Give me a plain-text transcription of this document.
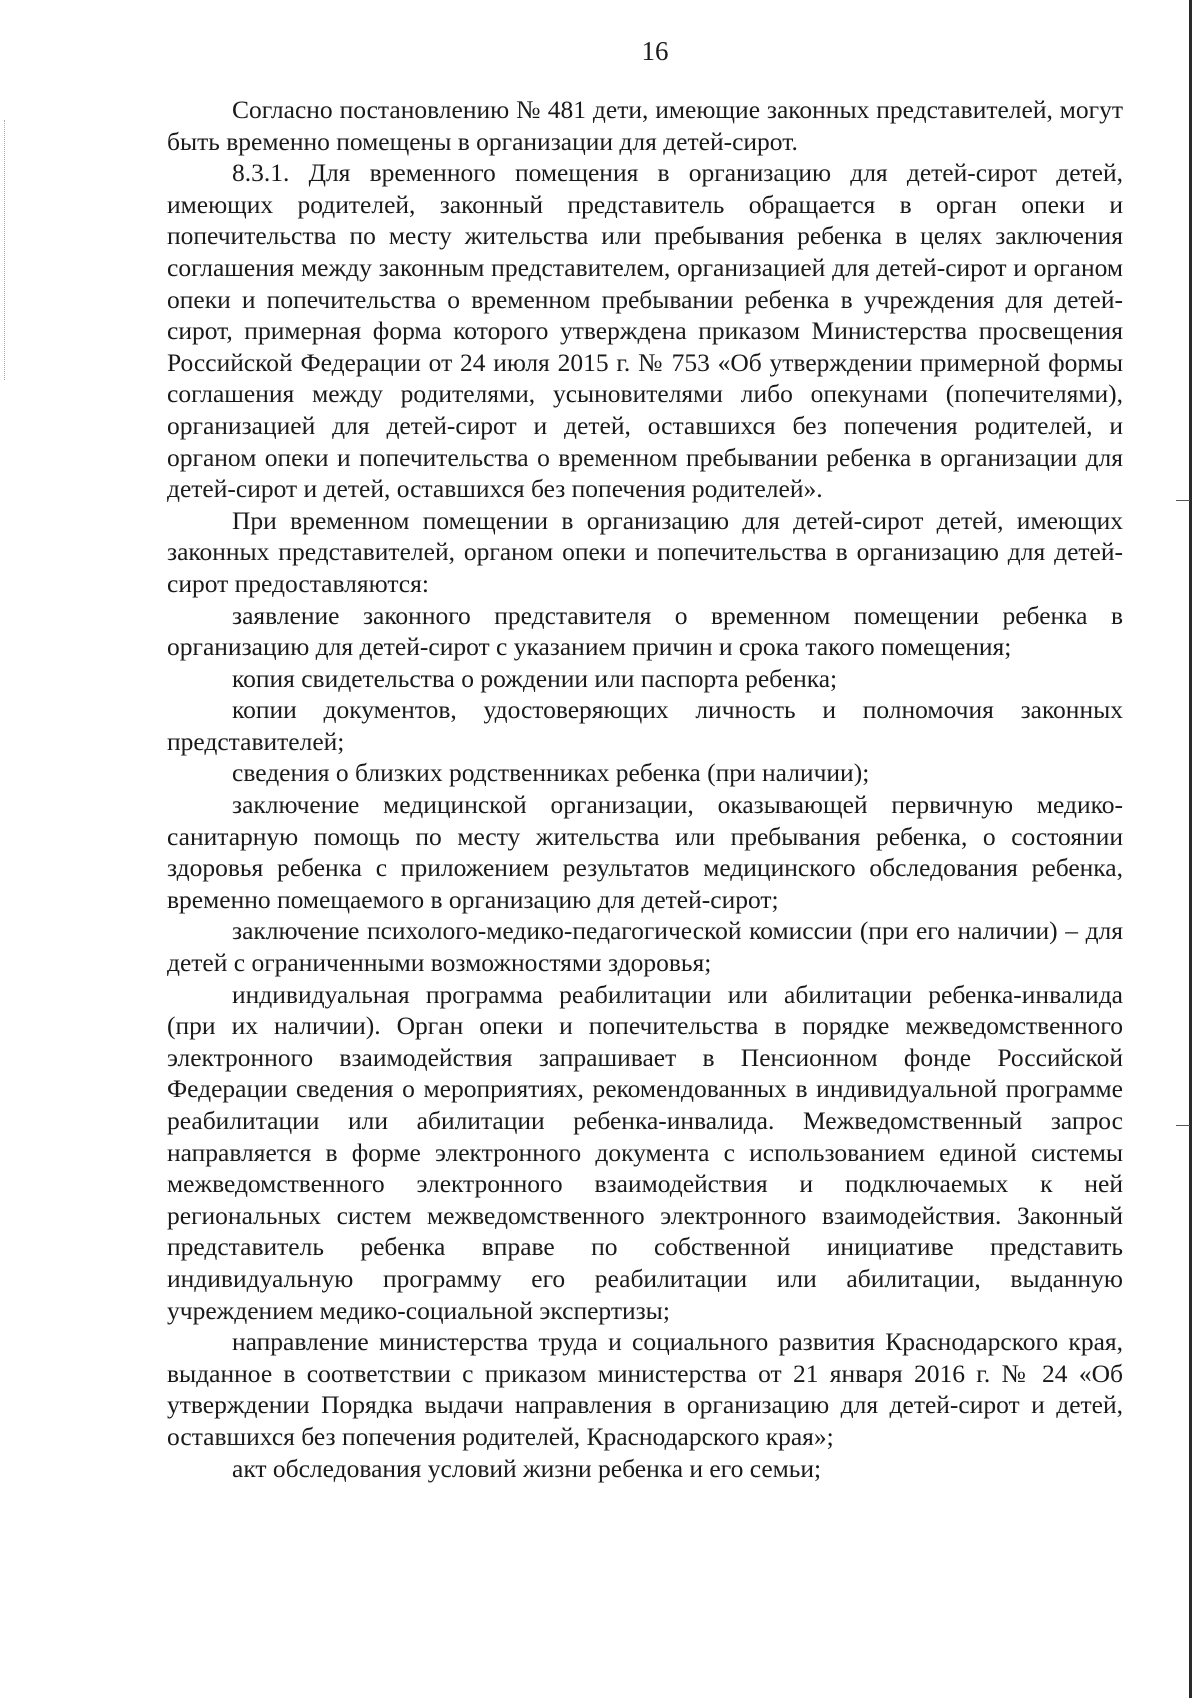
16

Согласно постановлению № 481 дети, имеющие законных представителей, могут быть временно помещены в организации для детей-сирот.

8.3.1. Для временного помещения в организацию для детей-сирот детей, имеющих родителей, законный представитель обращается в орган опеки и попечительства по месту жительства или пребывания ребенка в целях заключения соглашения между законным представителем, организацией для детей-сирот и органом опеки и попечительства о временном пребывании ребенка в учреждения для детей-сирот, примерная форма которого утверждена приказом Министерства просвещения Российской Федерации от 24 июля 2015 г. № 753 «Об утверждении примерной формы соглашения между родителями, усыновителями либо опекунами (попечителями), организацией для детей-сирот и детей, оставшихся без попечения родителей, и органом опеки и попечительства о временном пребывании ребенка в организации для детей-сирот и детей, оставшихся без попечения родителей».

При временном помещении в организацию для детей-сирот детей, имеющих законных представителей, органом опеки и попечительства в организацию для детей-сирот предоставляются:

заявление законного представителя о временном помещении ребенка в организацию для детей-сирот с указанием причин и срока такого помещения;

копия свидетельства о рождении или паспорта ребенка;

копии документов, удостоверяющих личность и полномочия законных представителей;

сведения о близких родственниках ребенка (при наличии);

заключение медицинской организации, оказывающей первичную медико-санитарную помощь по месту жительства или пребывания ребенка, о состоянии здоровья ребенка с приложением результатов медицинского обследования ребенка, временно помещаемого в организацию для детей-сирот;

заключение психолого-медико-педагогической комиссии (при его наличии) – для детей с ограниченными возможностями здоровья;

индивидуальная программа реабилитации или абилитации ребенка-инвалида (при их наличии). Орган опеки и попечительства в порядке межведомственного электронного взаимодействия запрашивает в Пенсионном фонде Российской Федерации сведения о мероприятиях, рекомендованных в индивидуальной программе реабилитации или абилитации ребенка-инвалида. Межведомственный запрос направляется в форме электронного документа с использованием единой системы межведомственного электронного взаимодействия и подключаемых к ней региональных систем межведомственного электронного взаимодействия. Законный представитель ребенка вправе по собственной инициативе представить индивидуальную программу его реабилитации или абилитации, выданную учреждением медико-социальной экспертизы;

направление министерства труда и социального развития Краснодарского края, выданное в соответствии с приказом министерства от 21 января 2016 г. № 24 «Об утверждении Порядка выдачи направления в организацию для детей-сирот и детей, оставшихся без попечения родителей, Краснодарского края»;

акт обследования условий жизни ребенка и его семьи;
